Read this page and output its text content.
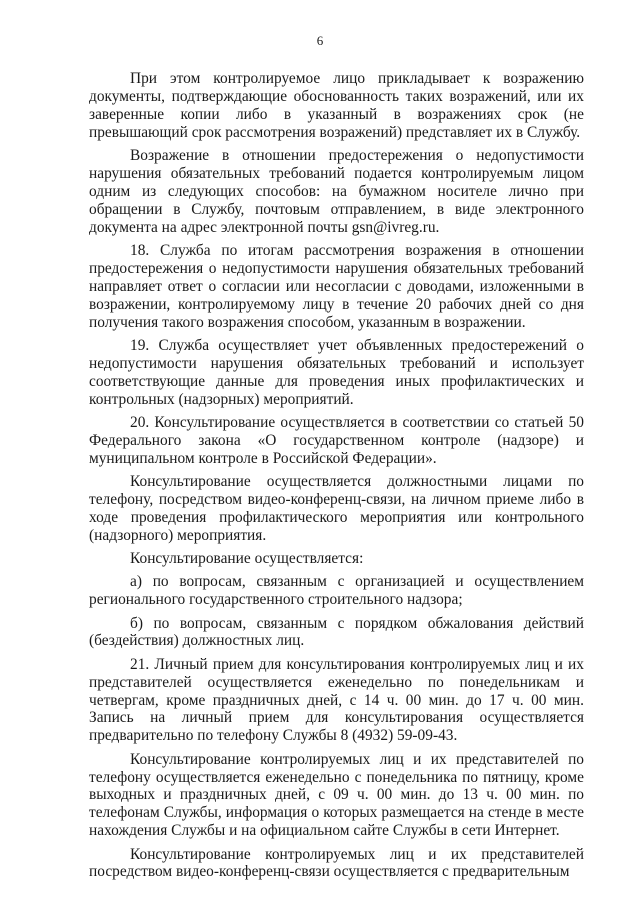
6

При этом контролируемое лицо прикладывает к возражению документы, подтверждающие обоснованность таких возражений, или их заверенные копии либо в указанный в возражениях срок (не превышающий срок рассмотрения возражений) представляет их в Службу.

Возражение в отношении предостережения о недопустимости нарушения обязательных требований подается контролируемым лицом одним из следующих способов: на бумажном носителе лично при обращении в Службу, почтовым отправлением, в виде электронного документа на адрес электронной почты gsn@ivreg.ru.

18. Служба по итогам рассмотрения возражения в отношении предостережения о недопустимости нарушения обязательных требований направляет ответ о согласии или несогласии с доводами, изложенными в возражении, контролируемому лицу в течение 20 рабочих дней со дня получения такого возражения способом, указанным в возражении.

19. Служба осуществляет учет объявленных предостережений о недопустимости нарушения обязательных требований и использует соответствующие данные для проведения иных профилактических и контрольных (надзорных) мероприятий.

20. Консультирование осуществляется в соответствии со статьей 50 Федерального закона «О государственном контроле (надзоре) и муниципальном контроле в Российской Федерации».

Консультирование осуществляется должностными лицами по телефону, посредством видео-конференц-связи, на личном приеме либо в ходе проведения профилактического мероприятия или контрольного (надзорного) мероприятия.

Консультирование осуществляется:

а) по вопросам, связанным с организацией и осуществлением регионального государственного строительного надзора;

б) по вопросам, связанным с порядком обжалования действий (бездействия) должностных лиц.

21. Личный прием для консультирования контролируемых лиц и их представителей осуществляется еженедельно по понедельникам и четвергам, кроме праздничных дней, с 14 ч. 00 мин. до 17 ч. 00 мин. Запись на личный прием для консультирования осуществляется предварительно по телефону Службы 8 (4932) 59-09-43.

Консультирование контролируемых лиц и их представителей по телефону осуществляется еженедельно с понедельника по пятницу, кроме выходных и праздничных дней, с 09 ч. 00 мин. до 13 ч. 00 мин. по телефонам Службы, информация о которых размещается на стенде в месте нахождения Службы и на официальном сайте Службы в сети Интернет.

Консультирование контролируемых лиц и их представителей посредством видео-конференц-связи осуществляется с предварительным
